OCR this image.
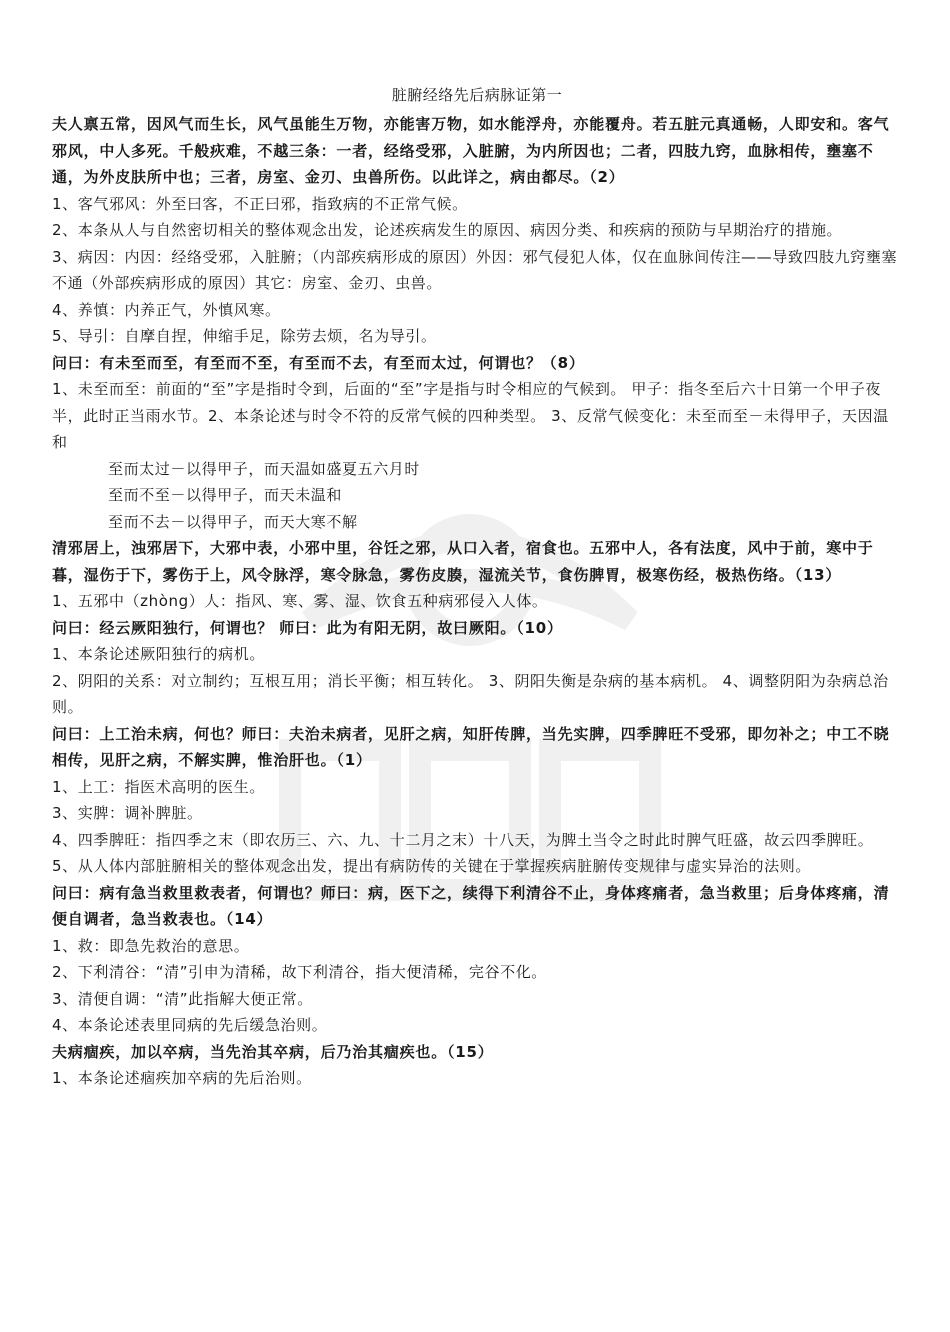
脏腑经络先后病脉证第一

夫人禀五常，因风气而生长，风气虽能生万物，亦能害万物，如水能浮舟，亦能覆舟。若五脏元真通畅，人即安和。客气邪风，中人多死。千般疢难，不越三条：一者，经络受邪，入脏腑，为内所因也；二者，四肢九窍，血脉相传，壅塞不通，为外皮肤所中也；三者，房室、金刃、虫兽所伤。以此详之，病由都尽。（2）

1、客气邪风：外至曰客，不正曰邪，指致病的不正常气候。

2、本条从人与自然密切相关的整体观念出发，论述疾病发生的原因、病因分类、和疾病的预防与早期治疗的措施。

3、病因：内因：经络受邪，入脏腑；（内部疾病形成的原因）外因：邪气侵犯人体，仅在血脉间传注——导致四肢九窍壅塞不通（外部疾病形成的原因）其它：房室、金刃、虫兽。

4、养慎：内养正气，外慎风寒。

5、导引：自摩自捏，伸缩手足，除劳去烦，名为导引。

问曰：有未至而至，有至而不至，有至而不去，有至而太过，何谓也？（8）

1、未至而至：前面的“至”字是指时令到，后面的“至”字是指与时令相应的气候到。 甲子：指冬至后六十日第一个甲子夜半，此时正当雨水节。2、本条论述与时令不符的反常气候的四种类型。 3、反常气候变化：未至而至－未得甲子，天因温和

至而太过－以得甲子，而天温如盛夏五六月时

至而不至－以得甲子，而天未温和

至而不去－以得甲子，而天大寒不解

清邪居上，浊邪居下，大邪中表，小邪中里，谷饪之邪，从口入者，宿食也。五邪中人，各有法度，风中于前，寒中于暮，湿伤于下，雾伤于上，风令脉浮，寒令脉急，雾伤皮腠，湿流关节，食伤脾胃，极寒伤经，极热伤络。（13）

1、五邪中（zhòng）人：指风、寒、雾、湿、饮食五种病邪侵入人体。

问曰：经云厥阳独行，何谓也？ 师曰：此为有阳无阴，故曰厥阳。（10）

1、本条论述厥阳独行的病机。

2、阴阳的关系：对立制约；互根互用；消长平衡；相互转化。 3、阴阳失衡是杂病的基本病机。 4、调整阴阳为杂病总治则。

问曰：上工治未病，何也？师曰：夫治未病者，见肝之病，知肝传脾，当先实脾，四季脾旺不受邪，即勿补之；中工不晓相传，见肝之病，不解实脾，惟治肝也。（1）

1、上工：指医术高明的医生。

3、实脾：调补脾脏。

4、四季脾旺：指四季之末（即农历三、六、九、十二月之末）十八天，为脾土当令之时此时脾气旺盛，故云四季脾旺。

5、从人体内部脏腑相关的整体观念出发，提出有病防传的关键在于掌握疾病脏腑传变规律与虚实异治的法则。

问曰：病有急当救里救表者，何谓也？师曰：病，医下之，续得下利清谷不止，身体疼痛者，急当救里；后身体疼痛，清便自调者，急当救表也。（14）

1、救：即急先救治的意思。

2、下利清谷：“清”引申为清稀，故下利清谷，指大便清稀，完谷不化。

3、清便自调：“清”此指解大便正常。

4、本条论述表里同病的先后缓急治则。

夫病痼疾，加以卒病，当先治其卒病，后乃治其痼疾也。（15）

1、本条论述痼疾加卒病的先后治则。
